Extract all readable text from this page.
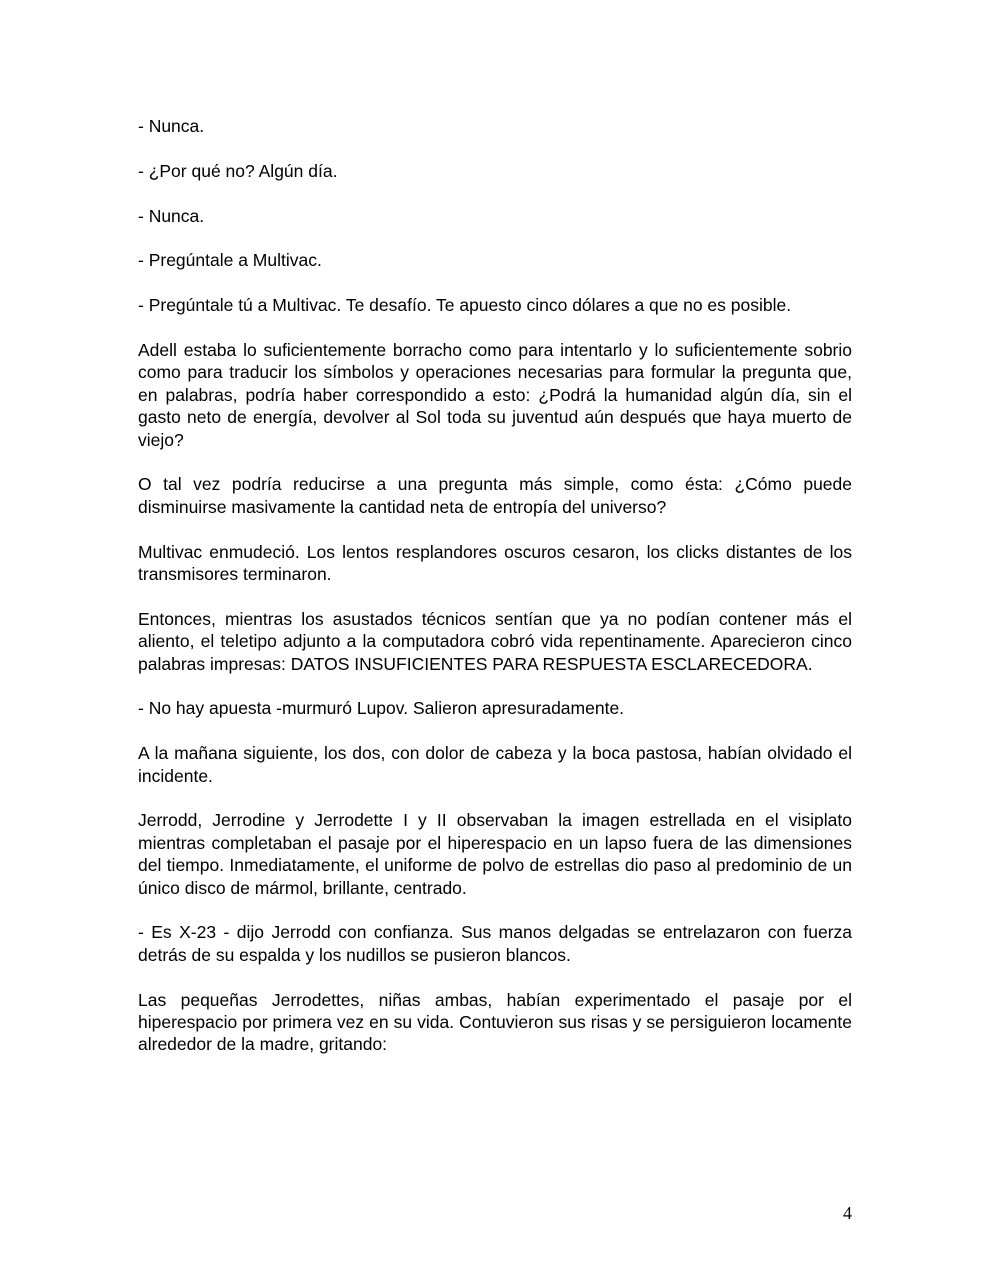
- Nunca.

- ¿Por qué no? Algún día.

- Nunca.

- Pregúntale a Multivac.

- Pregúntale tú a Multivac. Te desafío. Te apuesto cinco dólares a que no es posible.

Adell estaba lo suficientemente borracho como para intentarlo y lo suficientemente sobrio como para traducir los símbolos y operaciones necesarias para formular la pregunta que, en palabras, podría haber correspondido a esto: ¿Podrá la humanidad algún día, sin el gasto neto de energía, devolver al Sol toda su juventud aún después que haya muerto de viejo?

O tal vez podría reducirse a una pregunta más simple, como ésta: ¿Cómo puede disminuirse masivamente la cantidad neta de entropía del universo?

Multivac enmudeció. Los lentos resplandores oscuros cesaron, los clicks distantes de los transmisores terminaron.

Entonces, mientras los asustados técnicos sentían que ya no podían contener más el aliento, el teletipo adjunto a la computadora cobró vida repentinamente. Aparecieron cinco palabras impresas: DATOS INSUFICIENTES PARA RESPUESTA ESCLARECEDORA.

- No hay apuesta -murmuró Lupov. Salieron apresuradamente.

A la mañana siguiente, los dos, con dolor de cabeza y la boca pastosa, habían olvidado el incidente.

Jerrodd, Jerrodine y Jerrodette I y II observaban la imagen estrellada en el visiplato mientras completaban el pasaje por el hiperespacio en un lapso fuera de las dimensiones del tiempo. Inmediatamente, el uniforme de polvo de estrellas dio paso al predominio de un único disco de mármol, brillante, centrado.

- Es X-23 - dijo Jerrodd con confianza. Sus manos delgadas se entrelazaron con fuerza detrás de su espalda y los nudillos se pusieron blancos.

Las pequeñas Jerrodettes, niñas ambas, habían experimentado el pasaje por el hiperespacio por primera vez en su vida. Contuvieron sus risas y se persiguieron locamente alrededor de la madre, gritando:

4
